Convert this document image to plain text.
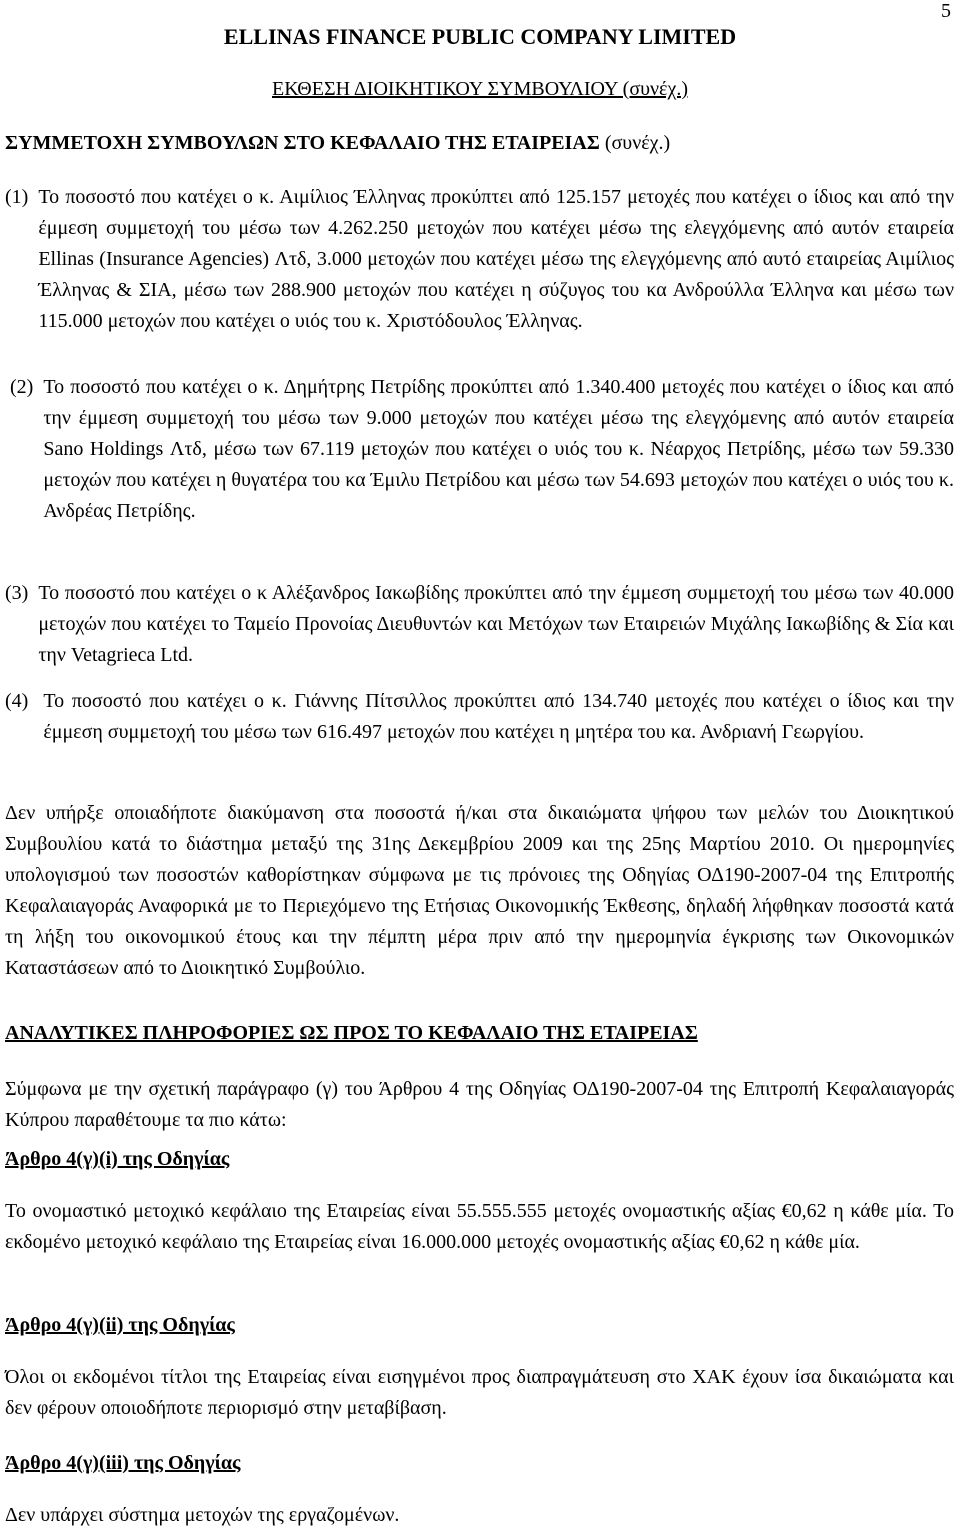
5
ELLINAS FINANCE PUBLIC COMPANY LIMITED
ΕΚΘΕΣΗ ΔΙΟΙΚΗΤΙΚΟΥ ΣΥΜΒΟΥΛΙΟΥ (συνέχ.)
ΣΥΜΜΕΤΟΧΗ ΣΥΜΒΟΥΛΩΝ ΣΤΟ ΚΕΦΑΛΑΙΟ ΤΗΣ ΕΤΑΙΡΕΙΑΣ (συνέχ.)
(1) Το ποσοστό που κατέχει ο κ. Αιμίλιος Έλληνας προκύπτει από 125.157 μετοχές που κατέχει ο ίδιος και από την έμμεση συμμετοχή του μέσω των 4.262.250 μετοχών που κατέχει μέσω της ελεγχόμενης από αυτόν εταιρεία Ellinas (Insurance Agencies) Λτδ, 3.000 μετοχών που κατέχει μέσω της ελεγχόμενης από αυτό εταιρείας Αιμίλιος Έλληνας & ΣΙΑ, μέσω των 288.900 μετοχών που κατέχει η σύζυγος του κα Ανδρούλλα Έλληνα και μέσω των 115.000 μετοχών που κατέχει ο υιός του κ. Χριστόδουλος Έλληνας.
(2) Το ποσοστό που κατέχει ο κ. Δημήτρης Πετρίδης προκύπτει από 1.340.400 μετοχές που κατέχει ο ίδιος και από την έμμεση συμμετοχή του μέσω των 9.000 μετοχών που κατέχει μέσω της ελεγχόμενης από αυτόν εταιρεία Sano Holdings Λτδ, μέσω των 67.119 μετοχών που κατέχει ο υιός του κ. Νέαρχος Πετρίδης, μέσω των 59.330 μετοχών που κατέχει η θυγατέρα του κα Έμιλυ Πετρίδου και μέσω των 54.693 μετοχών που κατέχει ο υιός του κ. Ανδρέας Πετρίδης.
(3) Το ποσοστό που κατέχει ο κ Αλέξανδρος Ιακωβίδης προκύπτει από την έμμεση συμμετοχή του μέσω των 40.000 μετοχών που κατέχει το Ταμείο Προνοίας Διευθυντών και Μετόχων των Εταιρειών Μιχάλης Ιακωβίδης & Σία και την Vetagrieca Ltd.
(4) Το ποσοστό που κατέχει ο κ. Γιάννης Πίτσιλλος προκύπτει από 134.740 μετοχές που κατέχει ο ίδιος και την έμμεση συμμετοχή του μέσω των 616.497 μετοχών που κατέχει η μητέρα του κα. Ανδριανή Γεωργίου.
Δεν υπήρξε οποιαδήποτε διακύμανση στα ποσοστά ή/και στα δικαιώματα ψήφου των μελών του Διοικητικού Συμβουλίου κατά το διάστημα μεταξύ της 31ης Δεκεμβρίου 2009 και της 25ης Μαρτίου 2010. Οι ημερομηνίες υπολογισμού των ποσοστών καθορίστηκαν σύμφωνα με τις πρόνοιες της Οδηγίας ΟΔ190-2007-04 της Επιτροπής Κεφαλαιαγοράς Αναφορικά με το Περιεχόμενο της Ετήσιας Οικονομικής Έκθεσης, δηλαδή λήφθηκαν ποσοστά κατά τη λήξη του οικονομικού έτους και την πέμπτη μέρα πριν από την ημερομηνία έγκρισης των Οικονομικών Καταστάσεων από το Διοικητικό Συμβούλιο.
ΑΝΑΛΥΤΙΚΕΣ ΠΛΗΡΟΦΟΡΙΕΣ ΩΣ ΠΡΟΣ ΤΟ ΚΕΦΑΛΑΙΟ ΤΗΣ ΕΤΑΙΡΕΙΑΣ
Σύμφωνα με την σχετική παράγραφο (γ) του Άρθρου 4 της Οδηγίας ΟΔ190-2007-04 της Επιτροπή Κεφαλαιαγοράς Κύπρου παραθέτουμε τα πιο κάτω:
Άρθρο 4(γ)(i) της Οδηγίας
Το ονομαστικό μετοχικό κεφάλαιο της Εταιρείας είναι 55.555.555 μετοχές ονομαστικής αξίας €0,62 η κάθε μία. Το εκδομένο μετοχικό κεφάλαιο της Εταιρείας είναι 16.000.000 μετοχές ονομαστικής αξίας €0,62 η κάθε μία.
Άρθρο 4(γ)(ii) της Οδηγίας
Όλοι οι εκδομένοι τίτλοι της Εταιρείας είναι εισηγμένοι προς διαπραγμάτευση στο ΧΑΚ έχουν ίσα δικαιώματα και δεν φέρουν οποιοδήποτε περιορισμό στην μεταβίβαση.
Άρθρο 4(γ)(iii) της Οδηγίας
Δεν υπάρχει σύστημα μετοχών της εργαζομένων.
